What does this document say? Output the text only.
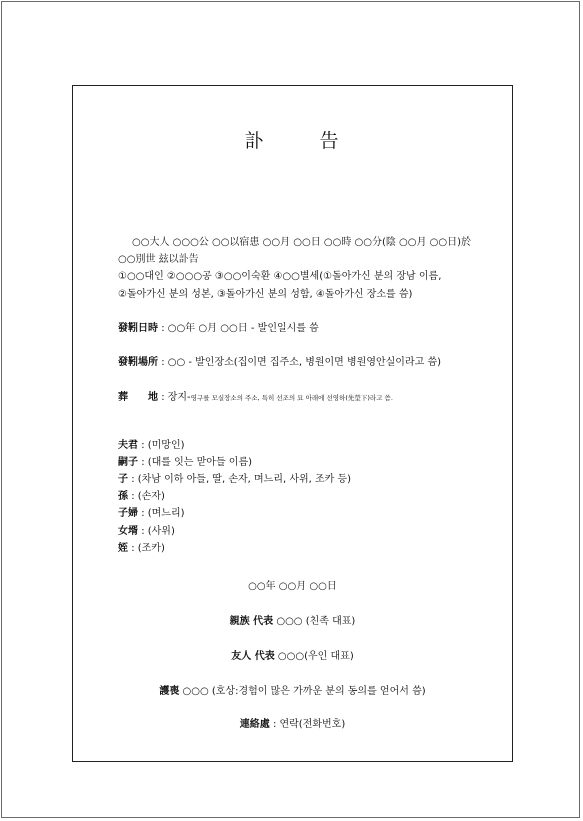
訃告
○○大人 ○○○公 ○○以宿患 ○○月 ○○日 ○○時 ○○分(陰 ○○月 ○○日)於
○○別世 玆以訃告
①○○대인 ②○○○공 ③○○이숙환 ④○○별세(①돌아가신 분의 장남 이름,
②돌아가신 분의 성본, ③돌아가신 분의 성함, ④돌아가신 장소를 씀)
發靷日時 : ○○年 ○月 ○○日 - 발인일시를 씀
發靷場所 : ○○ - 발인장소(집이면 집주소, 병원이면 병원영안실이라고 씀)
葬　　地 : 장지-영구를 모실장소의 주소, 특히 선조의 묘 아래에 선영하(先塋下)라고 씀.
夫君 : (미망인)
嗣子 : (대를 잇는 맏아들 이름)
子 : (차남 이하 아들, 딸, 손자, 며느리, 사위, 조카 등)
孫 : (손자)
子婦 : (며느리)
女壻 : (사위)
姪 : (조카)
○○年 ○○月 ○○日
親族 代表 ○○○ (친족 대표)
友人 代表 ○○○(우인 대표)
護喪 ○○○ (호상:경험이 많은 가까운 분의 동의를 얻어서 씀)
連絡處 : 연락(전화번호)
